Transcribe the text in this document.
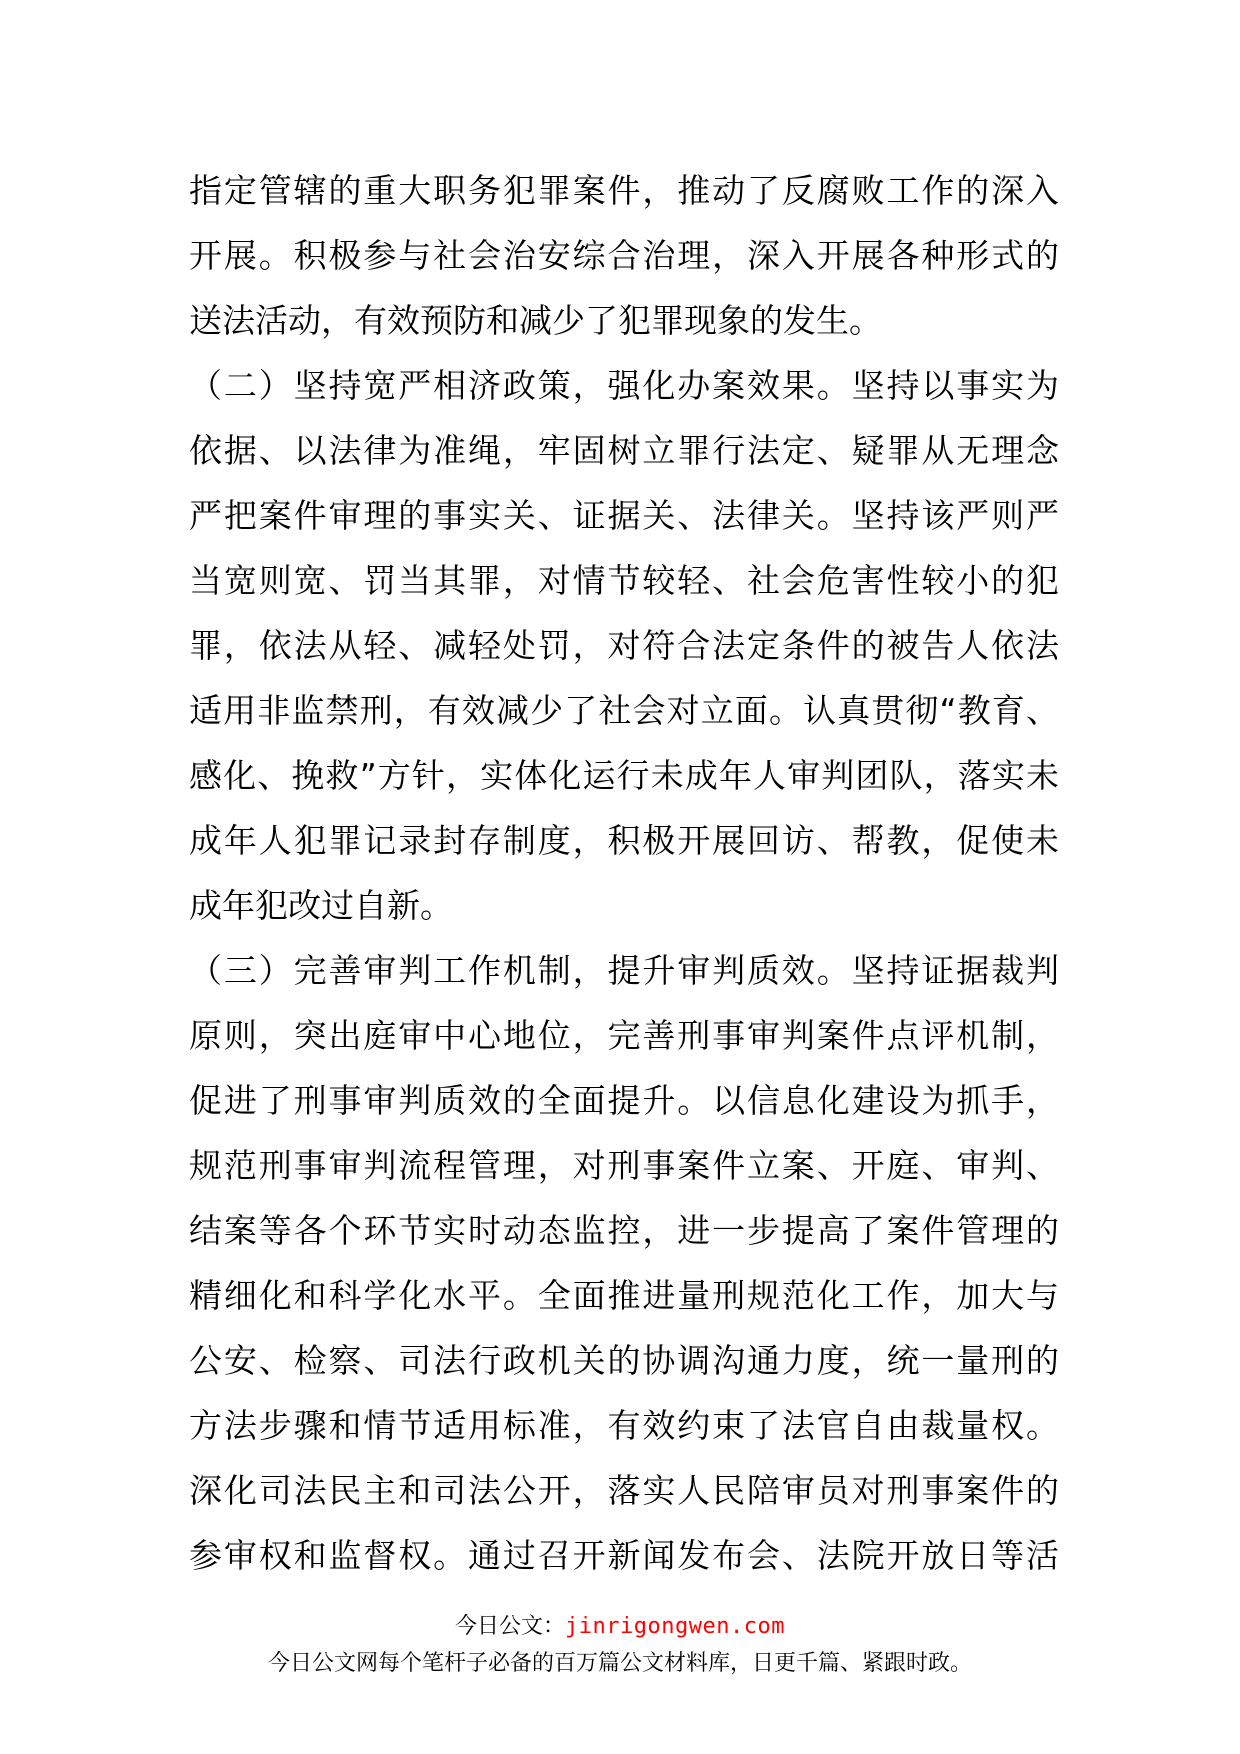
指定管辖的重大职务犯罪案件，推动了反腐败工作的深入
开展。积极参与社会治安综合治理，深入开展各种形式的
送法活动，有效预防和减少了犯罪现象的发生。
（二）坚持宽严相济政策，强化办案效果。坚持以事实为
依据、以法律为准绳，牢固树立罪行法定、疑罪从无理念
严把案件审理的事实关、证据关、法律关。坚持该严则严
当宽则宽、罚当其罪，对情节较轻、社会危害性较小的犯
罪，依法从轻、减轻处罚，对符合法定条件的被告人依法
适用非监禁刑，有效减少了社会对立面。认真贯彻“教育、
感化、挽救”方针，实体化运行未成年人审判团队，落实未
成年人犯罪记录封存制度，积极开展回访、帮教，促使未
成年犯改过自新。
（三）完善审判工作机制，提升审判质效。坚持证据裁判
原则，突出庭审中心地位，完善刑事审判案件点评机制，
促进了刑事审判质效的全面提升。以信息化建设为抓手，
规范刑事审判流程管理，对刑事案件立案、开庭、审判、
结案等各个环节实时动态监控，进一步提高了案件管理的
精细化和科学化水平。全面推进量刑规范化工作，加大与
公安、检察、司法行政机关的协调沟通力度，统一量刑的
方法步骤和情节适用标准，有效约束了法官自由裁量权。
深化司法民主和司法公开，落实人民陪审员对刑事案件的
参审权和监督权。通过召开新闻发布会、法院开放日等活
今日公文：jinrigongwen.com
今日公文网每个笔杆子必备的百万篇公文材料库，日更千篇、紧跟时政。
